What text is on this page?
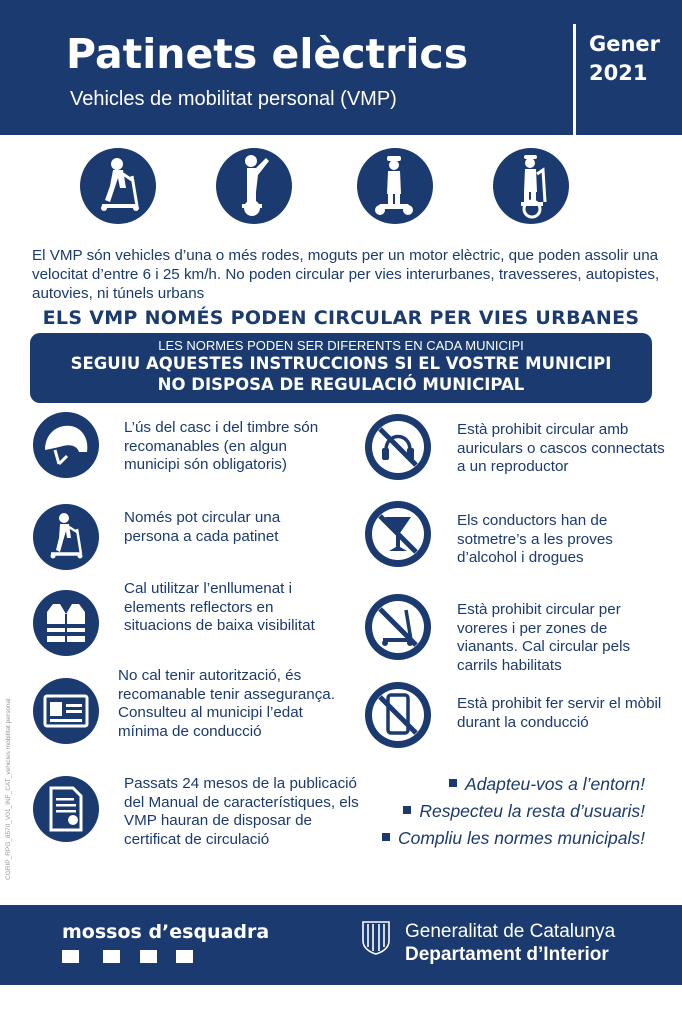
Patinets elèctrics
Vehicles de mobilitat personal (VMP)
Gener
2021
El VMP són vehicles d’una o més rodes, moguts per un motor elèctric, que poden assolir una velocitat d’entre 6 i 25 km/h. No poden circular per vies interurbanes, travesseres, autopistes, autovies, ni túnels urbans
ELS VMP NOMÉS PODEN CIRCULAR PER VIES URBANES
LES NORMES PODEN SER DIFERENTS EN CADA MUNICIPI
SEGUIU AQUESTES INSTRUCCIONS SI EL VOSTRE MUNICIPI
NO DISPOSA DE REGULACIÓ MUNICIPAL
L’ús del casc i del timbre són recomanables (en algun municipi són obligatoris)
Només pot circular una persona a cada patinet
Cal utilitzar l’enllumenat i elements reflectors en situacions de baixa visibilitat
No cal tenir autorització, és recomanable tenir assegurança. Consulteu al municipi l’edat mínima de conducció
Passats 24 mesos de la publicació del Manual de característiques, els VMP hauran de disposar de certificat de circulació
Està prohibit circular amb auriculars o cascos connectats a un reproductor
Els conductors han de sotmetre’s a les proves d’alcohol i drogues
Està prohibit circular per voreres i per zones de vianants. Cal circular pels carrils habilitats
Està prohibit fer servir el mòbil durant la conducció
Adapteu-vos a l’entorn!
Respecteu la resta d’usuaris!
Compliu les normes municipals!
CGRIP_RPG_8570_V01_INF_CAT_vehicles mobilitat personal
mossos d’esquadra	Generalitat de Catalunya
Departament d’Interior
